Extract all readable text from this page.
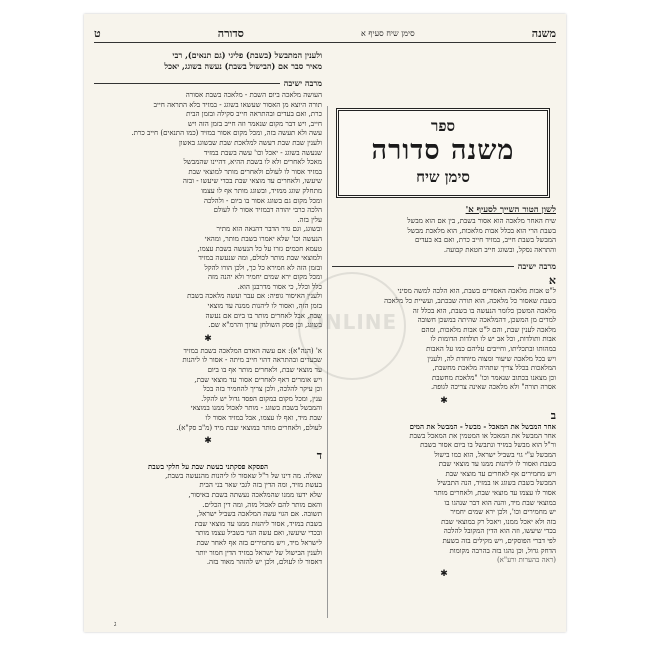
משנה
סימן שיח סעיף א
סדורה
ט
ספר
משנה סדורה
סימן שיח
לשון הטור השייך לסעיף א'
שיח האחר מלאכה הוא אסור בשבת, בין אם הוא מבשל
בשבת הרי הוא בכלל אבות מלאכות, הוא מלאכת מבשל
המבשל בשבת חייב, במזיד חייב כרת, ואם בא בעדים
והתראה נסקל, ובשוגג חייב חטאת קבועה.
מרבה ישיבה
א
ל"ט אבות מלאכה האסורים בשבת, הוא הלכה למשה מסיני
בשבת שאסור כל מלאכה, הוא תורה שבכתב, ועשיית כל מלאכה
מלאכה המשכן כלומר הנעשה בו בשבת, הוא בכלל זה
למדים מן המשכן, דהמלאכה שהיתה במשכן חשובה
מלאכה לענין שבת, והם ל"ט אבות מלאכות, ומהם
אבות ותולדות, וכל אב יש לו תולדות הדומות לו
במהותו ובתכליתו, וחייבים עליהם כמו על האבות
ויש בכל מלאכה שיעור ומצוה מיוחדת לה, ולענין
המלאכות בכלל צריך שתהיה מלאכת מחשבת,
וכן מצאנו בכתוב שנאמר וכו' "מלאכת מחשבת
אסרה תורה" ולא מלאכה שאינה צריכה לגופה.
✱
ב
אחר המבשל את המאכל - מבשל - המבשל את המים
אחר המבשל את המאכל או המטמין את המאכל בשבת
ור"ל הוא מבשל במזיד ונתבשל בו ביום אסור בשבת
המבשל ע"י גוי בשביל ישראל, הוא כמו בישול
בשבת ואסור לו ליהנות ממנו עד מוצאי שבת
ויש מחמירים אף לאחרים עד מוצאי שבת
המבשל בשבת בשוגג או במזיד, הנה התבשיל
אסור לו עצמו עד מוצאי שבת, ולאחרים מותר
במוצאי שבת מיד, והנה הוא דבר שנהגו בו
יש מחמירים וכו', ולכן ירא שמים יחמיר
בזה ולא יאכל ממנו, ויאכל רק במוצאי שבת
בכדי שיעשו, וזה הוא הדין המקובל להלכה
לפי דברי הפוסקים, ויש מקילים בזה בשעת
הדחק גדול, וכן נהגו בזה בהרבה מקומות
(ראה בהערות ורע"א)
✱
ולענין המתבשל (בשבת) פליגי (גם תנאים), רבי
מאיר סבר אם (הבישול בשבת) נעשה בשוגג, יאכל
מרבה ישיבה
העושה מלאכה ביום השבת - מלאכה בשבת אסורה
תורה היוצא מן האסור שעשאו בשוגג - במזיד בלא התראה חייב
כרת, ואם בעדים ובהתראה חייב סקילה ובזמן הבית
חייב, ויש דבר מקום שנאמר וזה חייב בזמן הזה ויש
עשה ולא תעשה בזה, ומכל מקום אסור במזיד (כמו התנאים) חייב כרת.
ולענין שבת שבת דעשה למלאכת שבת שבשוגג באשון
שנעשה בשוגג - יאכל וכו' עשה בשבת במזיד
מאכל לאחרים ולא לו בשבת ההיא, דהיינו שהמבשל
במזיד אסור לו לעולם ולאחרים מותר למוצאי שבת
שיעשו, ולאחרים עד מוצאי שבת בכדי שיעשו - ובזה
מתחלק שוגג ממזיד, ובשוגג מותר אף לו עצמו
ומכל מקום גם בשוגג אסור בו ביום - ולהלכה
הלכה כרבי יהודה דבמזיד אסור לו לעולם
עלין בזה.
ובשוגג, וגם גדר הדבר דהנאה הוא מתיר
הנעשה וכו' שלא יאמרו בשבת מותר, ומהאי
טעמא חכמים גזרו על כל הנעשה בשבת עצמו,
ולמוצאי שבת מותר לכולם, ומה שנעשה במזיד
ובזמן הזה לא חמירא כל כך, ולכן הורו להקל
ומכל מקום ירא שמים יחמיר ולא יהנה מזה
כלל וכלל, כי אסור מדרבנן הוא.
ולענין האיסור גופיה: אם עבר ועשה מלאכה בשבת
בזמן הזה, ואסור לו ליהנות ממנה עד מוצאי
שבת, אבל לאחרים מותר בו ביום אם נעשה
בשוגג, וכן פסק השולחן ערוך והרמ"א שם.
✱
א' (הנה"א): אם עשה האדם המלאכה בשבת במזיד
שבעדים ובהתראה דהוי חייב מיתה - אסור לו ליהנות
עד מוצאי שבת, ולאחרים מותר אף בו ביום
ויש אומרים דאף לאחרים אסור עד מוצאי שבת,
וכן עיקר להלכה, ולכן צריך להחמיר בזה בכל
ענין, ומכל מקום במקום הפסד גדול יש להקל.
והמבשל בשבת בשוגג - מותר לאכול ממנו במוצאי
שבת מיד, ואף לו עצמו, אבל במזיד אסור לו
לעולם, ולאחרים מותר במוצאי שבת מיד (מ"ב סק"א).
✱
ד
הפסקא פסקתני בעשת שבת על חלקי בשבת
שאלה. מה דינו של ר"ל שאסור לו ליהנות מהנעשה בשבת,
בעשת מזיד, ומה הדין בזה לגבי שאר בני הבית
שלא ידעו ממנו שהמלאכה נעשתה בשבת באיסור,
והאם מותר להם לאכול מזה, ומה דין הכלים.
תשובה. אם הגוי עשה המלאכה בשביל ישראל,
בשבת במזיד, אסור ליהנות ממנו עד מוצאי שבת
ובכדי שיעשו, ואם עשה הגוי בשביל עצמו מותר
לישראל מיד, ויש מחמירים בזה אף לאחר שבת
ולענין הבישול של ישראל במזיד הדין חמור יותר
דאסור לו לעולם, ולכן יש להזהר מאוד בזה.
ONLINE
ג
